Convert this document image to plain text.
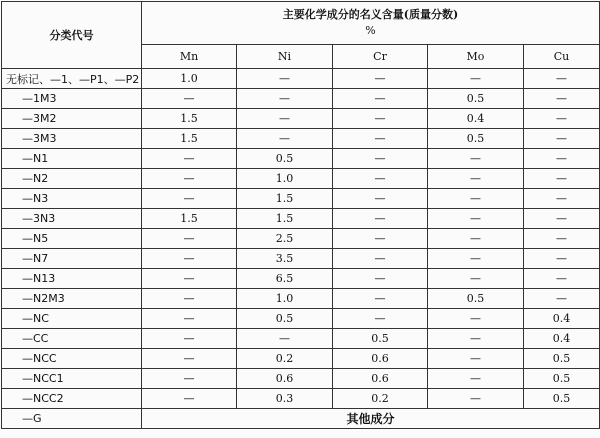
分类代号	主要化学成分的名义含量(质量分数)
%				

	Mn	Ni	Cr	Mo	Cu
无标记、—1、—P1、—P2	1.0	—	—	—	—
—1M3	—	—	—	0.5	—
—3M2	1.5	—	—	0.4	—
—3M3	1.5	—	—	0.5	—
—N1	—	0.5	—	—	—
—N2	—	1.0	—	—	—
—N3	—	1.5	—	—	—
—3N3	1.5	1.5	—	—	—
—N5	—	2.5	—	—	—
—N7	—	3.5	—	—	—
—N13	—	6.5	—	—	—
—N2M3	—	1.0	—	0.5	—
—NC	—	0.5	—	—	0.4
—CC	—	—	0.5	—	0.4
—NCC	—	0.2	0.6	—	0.5
—NCC1	—	0.6	0.6	—	0.5
—NCC2	—	0.3	0.2	—	0.5
—G	其他成分				
